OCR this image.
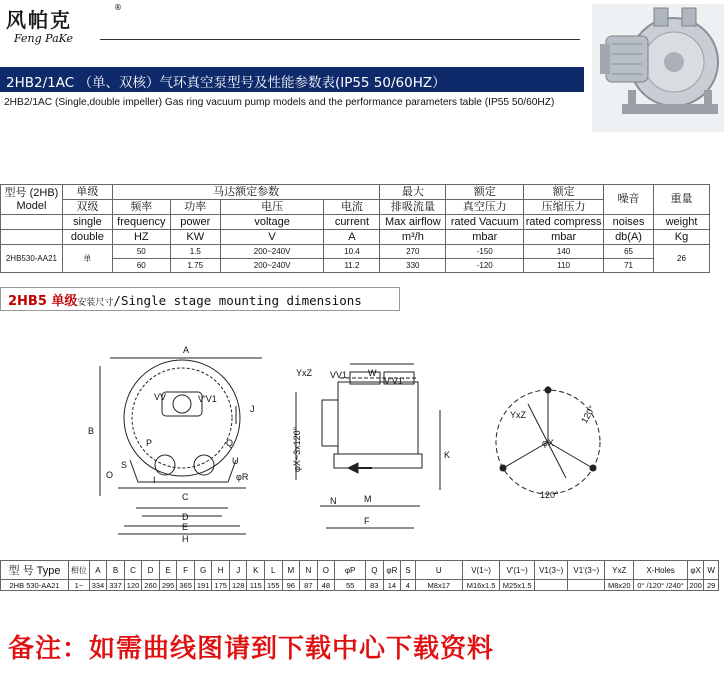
风帕克
®
Feng PaKe
2HB2/1AC （单、双核）气环真空泵型号及性能参数表(IP55 50/60HZ）
2HB2/1AC (Single,double impeller) Gas ring vacuum pump models and the performance parameters table (IP55 50/60HZ)
型号 (2HB)
Model	单级	马达额定参数				最大	额定	额定	噪音	重量
	双级	频率	功率	电压	电流	排吸流量	真空压力	压缩压力		
	single	frequency	power	voltage	current	Max airflow	rated Vacuum	rated compress	noises	weight
	double	HZ	KW	V	A	m³/h	mbar	mbar	db(A)	Kg
2HB530-AA21	单	50	1.5	200~240V	10.4	270	-150	140	65	26
		60	1.75	200~240V	11.2	330	-120	110	71	
2HB5 单级安装尺寸/Single stage mounting dimensions
A
B
C
D
E
F
H
I
J
K
M
N
O
P	Q
φR
S	U
W
VV	V'V1
VV1
V'V1'
YxZ
YxZ
φX~3x120°	φX
120°
120°
型 号 Type	相位	A	B	C	D	E	F	G	H	J	K	L	M	N	O	φP	Q	φR	S	U	V(1~)	V'(1~)	V1(3~)	V1'(3~)	YxZ	X-Holes	φX	W
2HB 530-AA21	1~	334	337	120	260	295	365	191	175	128	115	155	96	87	48	55	83	14	4	M8x17	M16x1.5	M25x1.5			M8x20	0° /120° /240°	200	29
备注：如需曲线图请到下载中心下载资料
